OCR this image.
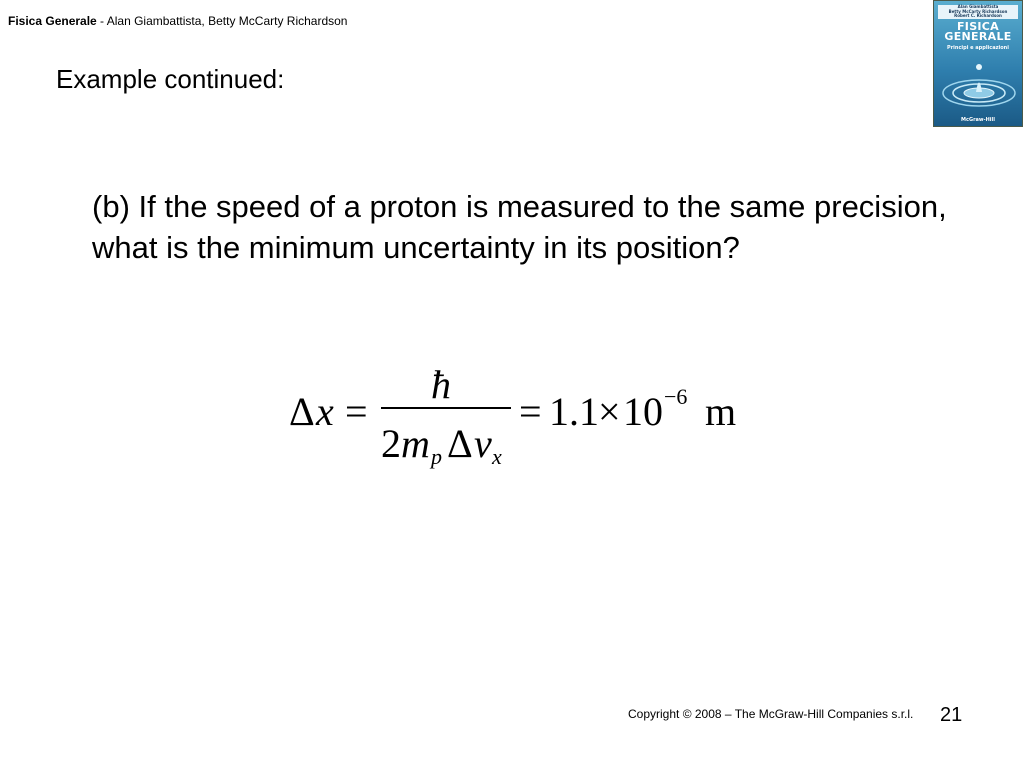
Fisica Generale - Alan Giambattista, Betty McCarty Richardson
Alan Giambattista
Betty McCarty Richardson
Robert C. Richardson
FISICA
GENERALE
Principi e applicazioni
McGraw-Hill
Example continued:
(b) If the speed of a proton is measured to the same precision, what is the minimum uncertainty in its position?
Δ x =
ħ
2 m p Δ v x
= 1.1 × 10 −6 m
Copyright © 2008 – The McGraw-Hill Companies s.r.l. 21
